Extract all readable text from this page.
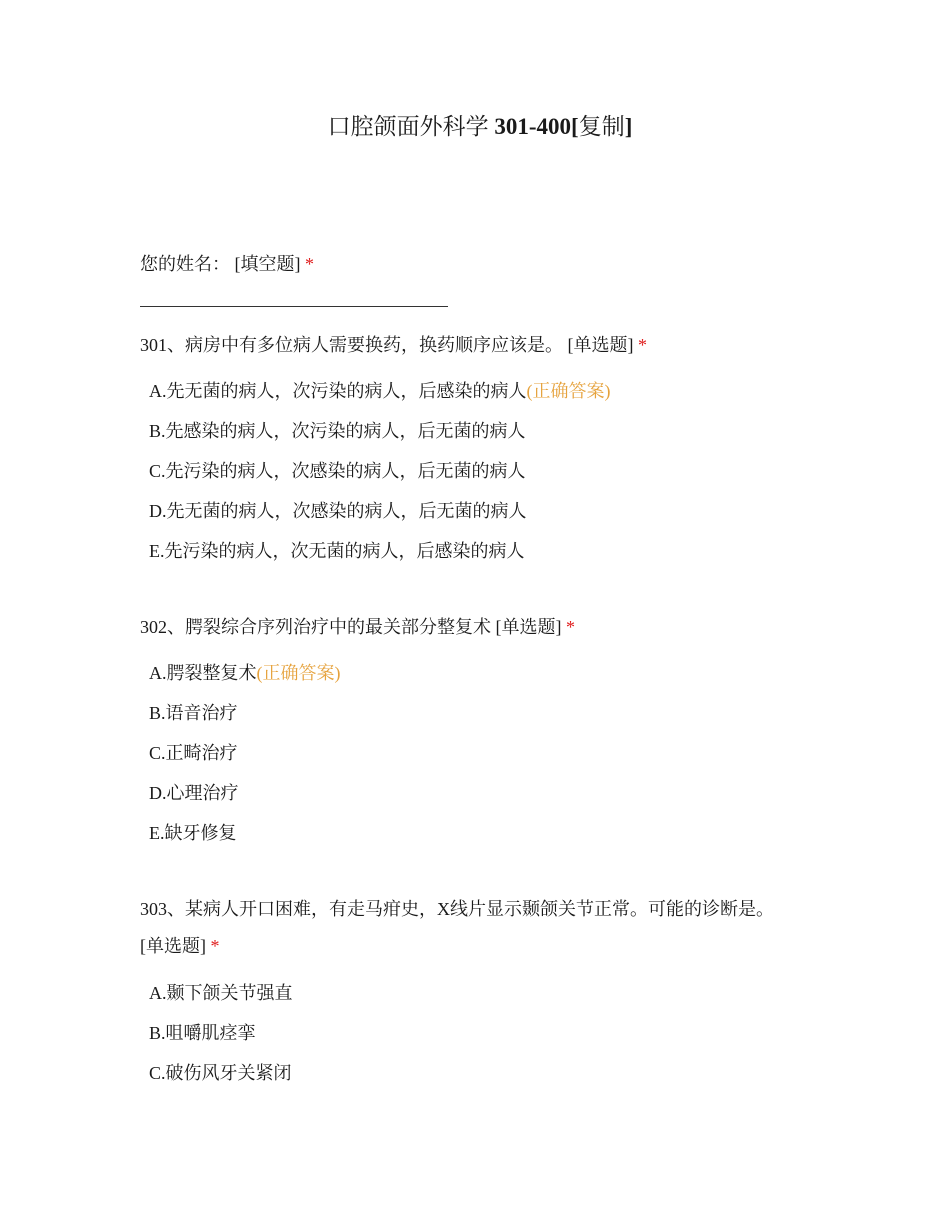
口腔颌面外科学 301-400[复制]
您的姓名： [填空题] *
301、病房中有多位病人需要换药，换药顺序应该是。 [单选题] *
A.先无菌的病人，次污染的病人，后感染的病人(正确答案)
B.先感染的病人，次污染的病人，后无菌的病人
C.先污染的病人，次感染的病人，后无菌的病人
D.先无菌的病人，次感染的病人，后无菌的病人
E.先污染的病人，次无菌的病人，后感染的病人
302、腭裂综合序列治疗中的最关部分整复术 [单选题] *
A.腭裂整复术(正确答案)
B.语音治疗
C.正畸治疗
D.心理治疗
E.缺牙修复
303、某病人开口困难，有走马疳史，X线片显示颞颌关节正常。可能的诊断是。
[单选题] *
A.颞下颌关节强直
B.咀嚼肌痉挛
C.破伤风牙关紧闭
